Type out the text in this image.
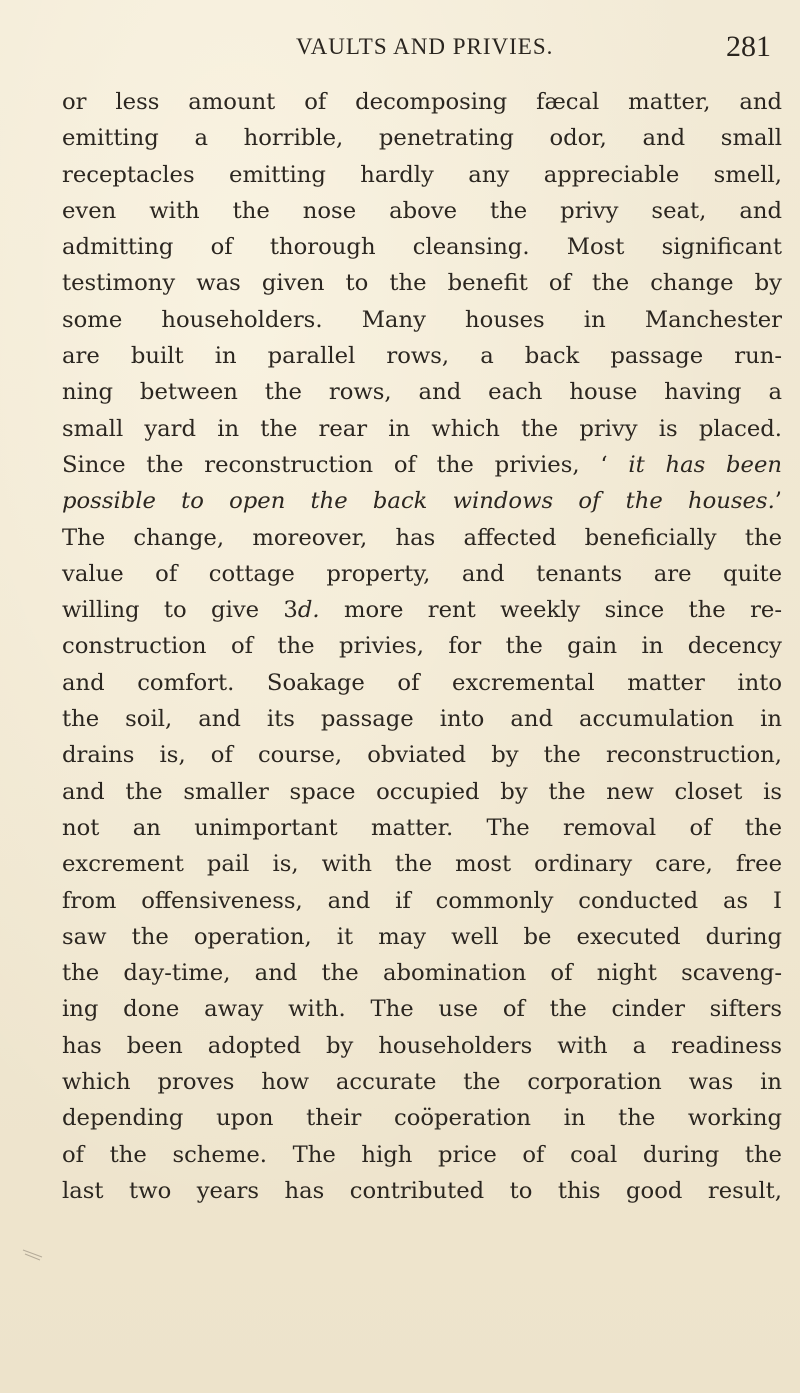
VAULTS AND PRIVIES.	281
or less amount of decomposing fæcal matter, and
emitting a horrible, penetrating odor, and small
receptacles emitting hardly any appreciable smell,
even with the nose above the privy seat, and
admitting of thorough cleansing. Most significant
testimony was given to the benefit of the change by
some householders. Many houses in Manchester
are built in parallel rows, a back passage run-
ning between the rows, and each house having a
small yard in the rear in which the privy is placed.
Since the reconstruction of the privies, ‘ it has been
possible to open the back windows of the houses.’
The change, moreover, has affected beneficially the
value of cottage property, and tenants are quite
willing to give 3d. more rent weekly since the re-
construction of the privies, for the gain in decency
and comfort. Soakage of excremental matter into
the soil, and its passage into and accumulation in
drains is, of course, obviated by the reconstruction,
and the smaller space occupied by the new closet is
not an unimportant matter. The removal of the
excrement pail is, with the most ordinary care, free
from offensiveness, and if commonly conducted as I
saw the operation, it may well be executed during
the day-time, and the abomination of night scaveng-
ing done away with. The use of the cinder sifters
has been adopted by householders with a readiness
which proves how accurate the corporation was in
depending upon their coöperation in the working
of the scheme. The high price of coal during the
last two years has contributed to this good result,
